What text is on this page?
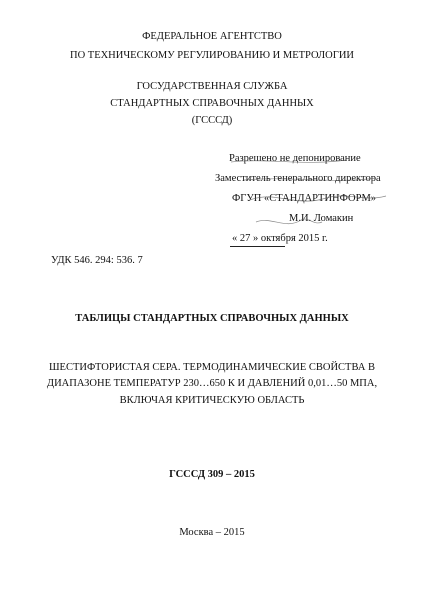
ФЕДЕРАЛЬНОЕ АГЕНТСТВО
ПО ТЕХНИЧЕСКОМУ РЕГУЛИРОВАНИЮ И МЕТРОЛОГИИ
ГОСУДАРСТВЕННАЯ СЛУЖБА
СТАНДАРТНЫХ СПРАВОЧНЫХ ДАННЫХ
(ГСССД)
Разрешено не депонирование
Заместитель генерального директора
ФГУП «СТАНДАРТИНФОРМ»
М.И. Ломакин
« 27 » октября 2015 г.
УДК 546. 294: 536. 7
ТАБЛИЦЫ СТАНДАРТНЫХ СПРАВОЧНЫХ ДАННЫХ
ШЕСТИФТОРИСТАЯ СЕРА. ТЕРМОДИНАМИЧЕСКИЕ СВОЙСТВА В
ДИАПАЗОНЕ ТЕМПЕРАТУР 230…650 К И ДАВЛЕНИЙ 0,01…50 МПА,
ВКЛЮЧАЯ КРИТИЧЕСКУЮ ОБЛАСТЬ
ГСССД 309 – 2015
Москва – 2015
